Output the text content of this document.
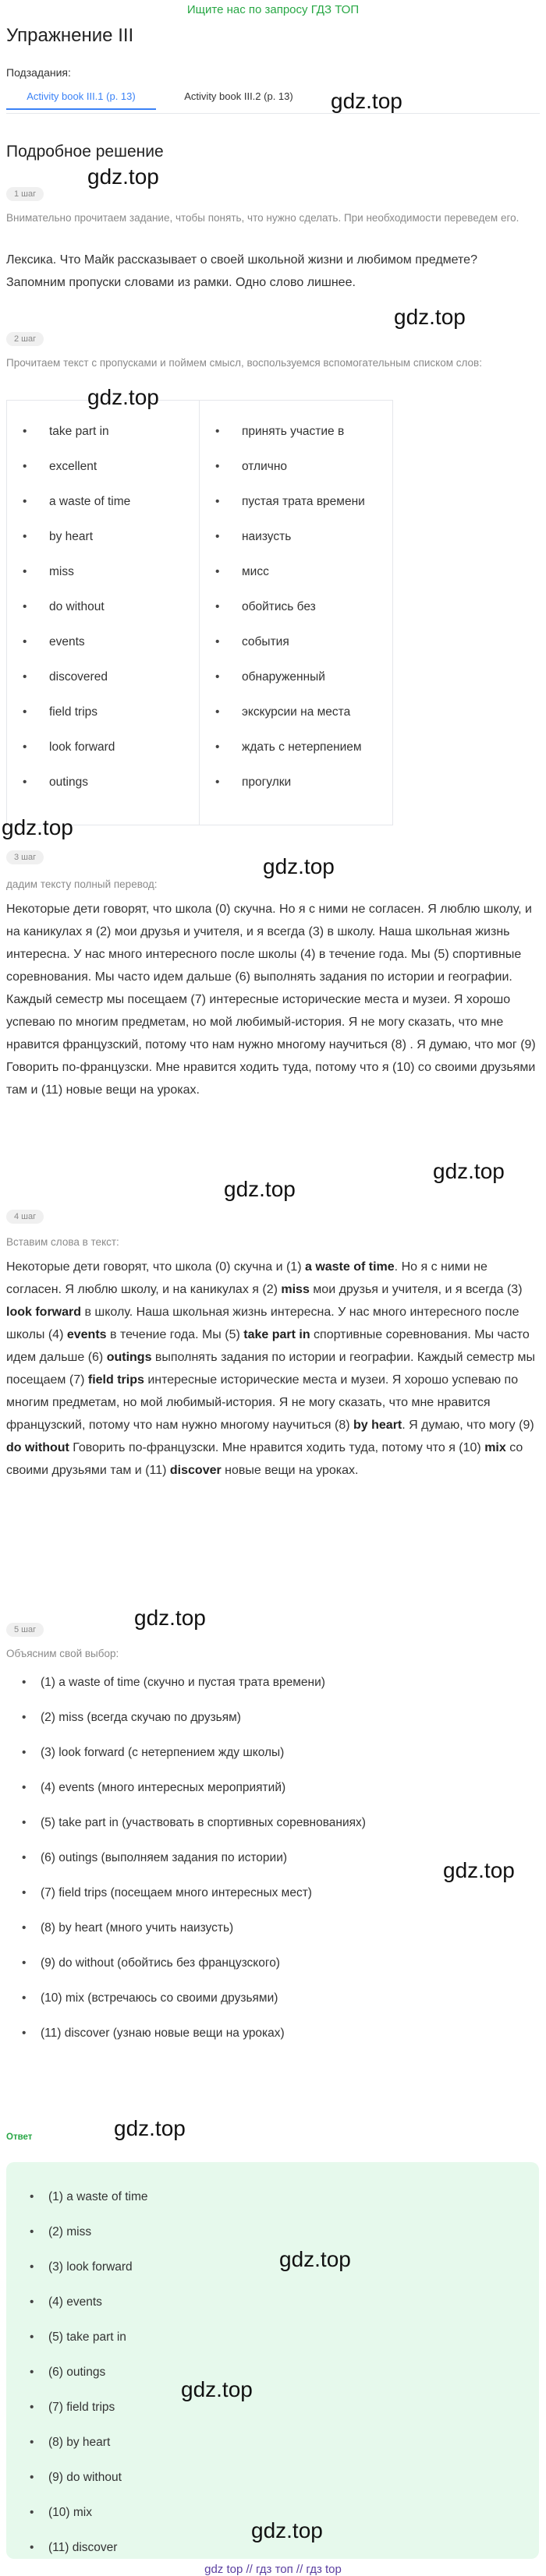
Ищите нас по запросу ГДЗ ТОП
Упражнение III
Подзадания:
Activity book III.1 (p. 13)	Activity book III.2 (p. 13)
Подробное решение
1 шаг
Внимательно прочитаем задание, чтобы понять, что нужно сделать. При необходимости переведем его.
Лексика. Что Майк рассказывает о своей школьной жизни и любимом предмете? Запомним пропуски словами из рамки. Одно слово лишнее.
2 шаг
Прочитаем текст с пропусками и поймем смысл, воспользуемся вспомогательным списком слов:
• take part in
• excellent
• a waste of time
• by heart
• miss
• do without
• events
• discovered
• field trips
• look forward
• outings
• принять участие в
• отлично
• пустая трата времени
• наизусть
• мисс
• обойтись без
• события
• обнаруженный
• экскурсии на места
• ждать с нетерпением
• прогулки
3 шаг
дадим тексту полный перевод:
Некоторые дети говорят, что школа (0) скучна. Но я с ними не согласен. Я люблю школу, и на каникулах я (2) мои друзья и учителя, и я всегда (3) в школу. Наша школьная жизнь интересна. У нас много интересного после школы (4) в течение года. Мы (5) спортивные соревнования. Мы часто идем дальше (6) выполнять задания по истории и географии. Каждый семестр мы посещаем (7) интересные исторические места и музеи. Я хорошо успеваю по многим предметам, но мой любимый-история. Я не могу сказать, что мне нравится французский, потому что нам нужно многому научиться (8) . Я думаю, что мог (9) Говорить по-французски. Мне нравится ходить туда, потому что я (10) со своими друзьями там и (11) новые вещи на уроках.
4 шаг
Вставим слова в текст:
Некоторые дети говорят, что школа (0) скучна и (1) a waste of time. Но я с ними не согласен. Я люблю школу, и на каникулах я (2) miss мои друзья и учителя, и я всегда (3) look forward в школу. Наша школьная жизнь интересна. У нас много интересного после школы (4) events в течение года. Мы (5) take part in спортивные соревнования. Мы часто идем дальше (6) outings выполнять задания по истории и географии. Каждый семестр мы посещаем (7) field trips интересные исторические места и музеи. Я хорошо успеваю по многим предметам, но мой любимый-история. Я не могу сказать, что мне нравится французский, потому что нам нужно многому научиться (8) by heart. Я думаю, что могу (9) do without Говорить по-французски. Мне нравится ходить туда, потому что я (10) mix со своими друзьями там и (11) discover новые вещи на уроках.
5 шаг
Объясним свой выбор:
• (1) a waste of time (скучно и пустая трата времени)
• (2) miss (всегда скучаю по друзьям)
• (3) look forward (с нетерпением жду школы)
• (4) events (много интересных мероприятий)
• (5) take part in (участвовать в спортивных соревнованиях)
• (6) outings (выполняем задания по истории)
• (7) field trips (посещаем много интересных мест)
• (8) by heart (много учить наизусть)
• (9) do without (обойтись без французского)
• (10) mix (встречаюсь со своими друзьями)
• (11) discover (узнаю новые вещи на уроках)
Ответ
• (1) a waste of time
• (2) miss
• (3) look forward
• (4) events
• (5) take part in
• (6) outings
• (7) field trips
• (8) by heart
• (9) do without
• (10) mix
• (11) discover
gdz.top
gdz.top
gdz.top
gdz.top
gdz.top
gdz.top
gdz.top
gdz.top
gdz.top
gdz.top
gdz.top
gdz.top
gdz.top
gdz.top
gdz top // гдз топ // гдз top
